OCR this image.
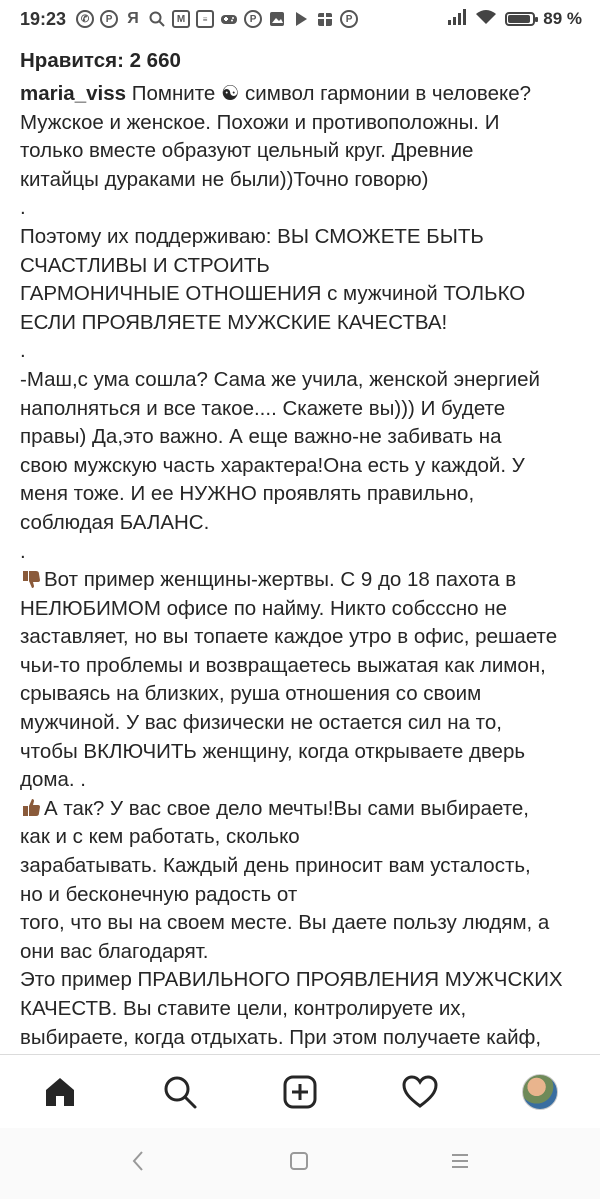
19:23	✆	P Я	M	≡	P	P	89 %
Нравится: 2 660
maria_viss Помните ☯ символ гармонии в человеке?
Мужское и женское. Похожи и противоположны. И
только вместе образуют цельный круг. Древние
китайцы дураками не были))Точно говорю)
.
Поэтому их поддерживаю: ВЫ СМОЖЕТЕ БЫТЬ
СЧАСТЛИВЫ И СТРОИТЬ
ГАРМОНИЧНЫЕ ОТНОШЕНИЯ с мужчиной ТОЛЬКО
ЕСЛИ ПРОЯВЛЯЕТЕ МУЖСКИЕ КАЧЕСТВА!
.
-Маш,с ума сошла? Сама же учила, женской энергией
наполняться и все такое.... Скажете вы))) И будете
правы) Да,это важно. А еще важно-не забивать на
свою мужскую часть характера!Она есть у каждой. У
меня тоже. И ее НУЖНО проявлять правильно,
соблюдая БАЛАНС.
.
Вот пример женщины-жертвы. С 9 до 18 пахота в
НЕЛЮБИМОМ офисе по найму. Никто собсссно не
заставляет, но вы топаете каждое утро в офис, решаете
чьи-то проблемы и возвращаетесь выжатая как лимон,
срываясь на близких, руша отношения со своим
мужчиной. У вас физически не остается сил на то,
чтобы ВКЛЮЧИТЬ женщину, когда открываете дверь
дома. .
А так? У вас свое дело мечты!Вы сами выбираете,
как и с кем работать, сколько
зарабатывать. Каждый день приносит вам усталость,
но и бесконечную радость от
того, что вы на своем месте. Вы даете пользу людям, а
они вас благодарят.
Это пример ПРАВИЛЬНОГО ПРОЯВЛЕНИЯ МУЖЧСКИХ
КАЧЕСТВ. Вы ставите цели, контролируете их,
выбираете, когда отдыхать. При этом получаете кайф,
